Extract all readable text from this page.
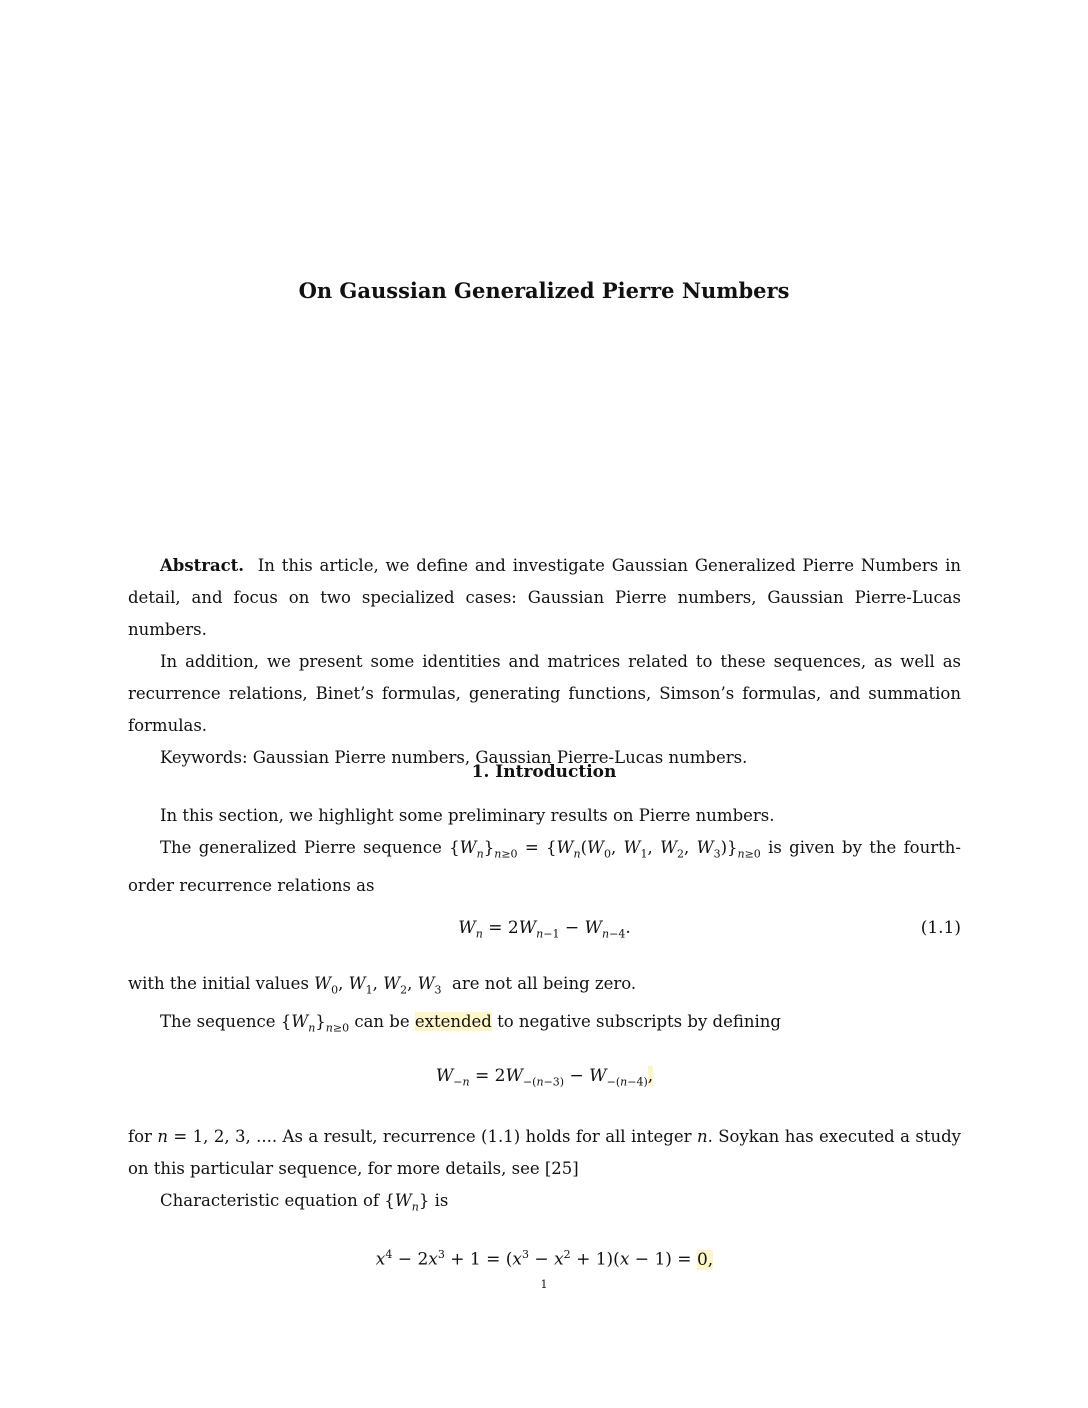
On Gaussian Generalized Pierre Numbers

Abstract. In this article, we define and investigate Gaussian Generalized Pierre Numbers in detail, and focus on two specialized cases: Gaussian Pierre numbers, Gaussian Pierre-Lucas numbers.

In addition, we present some identities and matrices related to these sequences, as well as recurrence relations, Binet’s formulas, generating functions, Simson’s formulas, and summation formulas.

Keywords: Gaussian Pierre numbers, Gaussian Pierre-Lucas numbers.

1. Introduction

In this section, we highlight some preliminary results on Pierre numbers.

The generalized Pierre sequence $\{W_n\}_{n\ge 0} = \{W_n(W_0$, $W_1$, $W_2$, $W_3)\}_{n\ge 0}$ is given by the fourth-order recurrence relations as

$W_n = 2W_{n-1} - W_{n-4}$.	(1.1)

with the initial values $W_0$, $W_1$, $W_2$, $W_3$ are not all being zero.

The sequence $\{W_n\}_{n\ge 0}$ can be extended to negative subscripts by defining

$W_{-n} = 2W_{-(n-3)} - W_{-(n-4)}$,

for n = 1, 2, 3, .... As a result, recurrence (1.1) holds for all integer n. Soykan has executed a study on this particular sequence, for more details, see [25]

Characteristic equation of $\{W_n\}$ is

$x^4 - 2x^3 + 1 = (x^3 - x^2 + 1)(x - 1) = 0$,
1
